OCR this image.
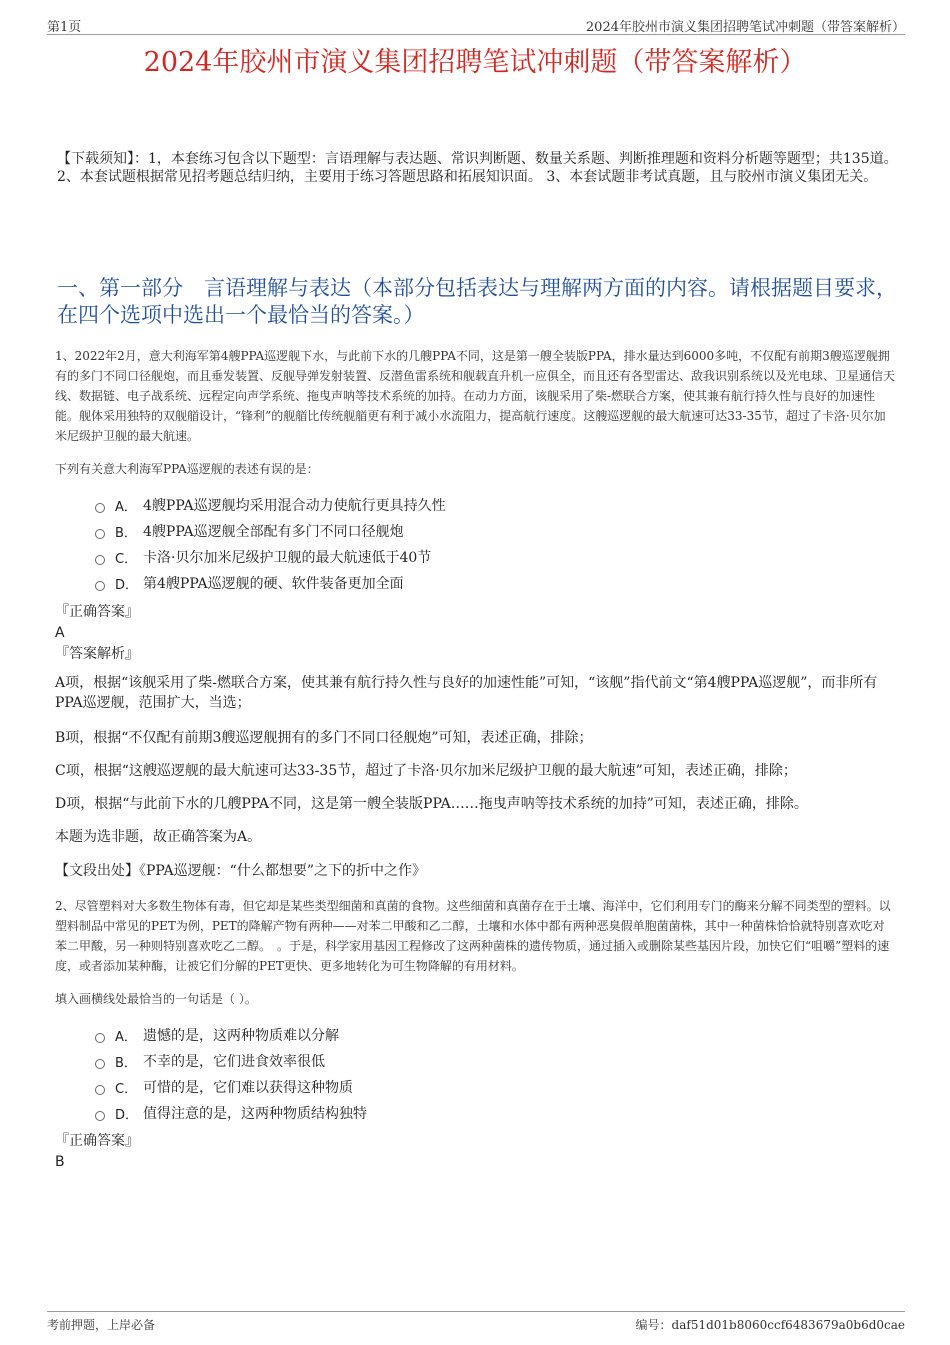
第1页	2024年胶州市演义集团招聘笔试冲刺题（带答案解析）
2024年胶州市演义集团招聘笔试冲刺题（带答案解析）
【下载须知】：1，本套练习包含以下题型：言语理解与表达题、常识判断题、数量关系题、判断推理题和资料分析题等题型；共135道。 2、本套试题根据常见招考题总结归纳，主要用于练习答题思路和拓展知识面。 3、本套试题非考试真题，且与胶州市演义集团无关。
一、第一部分　言语理解与表达（本部分包括表达与理解两方面的内容。请根据题目要求，在四个选项中选出一个最恰当的答案。）

1、2022年2月，意大利海军第4艘PPA巡逻舰下水，与此前下水的几艘PPA不同，这是第一艘全装版PPA，排水量达到6000多吨，不仅配有前期3艘巡逻舰拥有的多门不同口径舰炮，而且垂发装置、反舰导弹发射装置、反潜鱼雷系统和舰载直升机一应俱全，而且还有各型雷达、敌我识别系统以及光电球、卫星通信天线、数据链、电子战系统、远程定向声学系统、拖曳声呐等技术系统的加持。在动力方面，该舰采用了柴-燃联合方案，使其兼有航行持久性与良好的加速性能。舰体采用独特的双舰艏设计，“锋利”的舰艏比传统舰艏更有利于减小水流阻力，提高航行速度。这艘巡逻舰的最大航速可达33-35节，超过了卡洛·贝尔加米尼级护卫舰的最大航速。

下列有关意大利海军PPA巡逻舰的表述有误的是：

A． 4艘PPA巡逻舰均采用混合动力使航行更具持久性
B． 4艘PPA巡逻舰全部配有多门不同口径舰炮
C． 卡洛·贝尔加米尼级护卫舰的最大航速低于40节
D． 第4艘PPA巡逻舰的硬、软件装备更加全面
『正确答案』
A
『答案解析』

A项，根据“该舰采用了柴-燃联合方案，使其兼有航行持久性与良好的加速性能”可知，“该舰”指代前文“第4艘PPA巡逻舰”，而非所有PPA巡逻舰，范围扩大，当选；

B项，根据“不仅配有前期3艘巡逻舰拥有的多门不同口径舰炮”可知，表述正确，排除；

C项，根据“这艘巡逻舰的最大航速可达33-35节，超过了卡洛·贝尔加米尼级护卫舰的最大航速”可知，表述正确，排除；

D项，根据“与此前下水的几艘PPA不同，这是第一艘全装版PPA……拖曳声呐等技术系统的加持”可知，表述正确，排除。

本题为选非题，故正确答案为A。

【文段出处】《PPA巡逻舰：“什么都想要”之下的折中之作》

2、尽管塑料对大多数生物体有毒，但它却是某些类型细菌和真菌的食物。这些细菌和真菌存在于土壤、海洋中，它们利用专门的酶来分解不同类型的塑料。以塑料制品中常见的PET为例，PET的降解产物有两种——对苯二甲酸和乙二醇，土壤和水体中都有两种恶臭假单胞菌菌株，其中一种菌株恰恰就特别喜欢吃对苯二甲酸，另一种则特别喜欢吃乙二醇。　。于是，科学家用基因工程修改了这两种菌株的遗传物质，通过插入或删除某些基因片段，加快它们“咀嚼”塑料的速度，或者添加某种酶，让被它们分解的PET更快、更多地转化为可生物降解的有用材料。

填入画横线处最恰当的一句话是（ ）。

A． 遗憾的是，这两种物质难以分解
B． 不幸的是，它们进食效率很低
C． 可惜的是，它们难以获得这种物质
D． 值得注意的是，这两种物质结构独特
『正确答案』
B
考前押题，上岸必备	编号：daf51d01b8060ccf6483679a0b6d0cae
